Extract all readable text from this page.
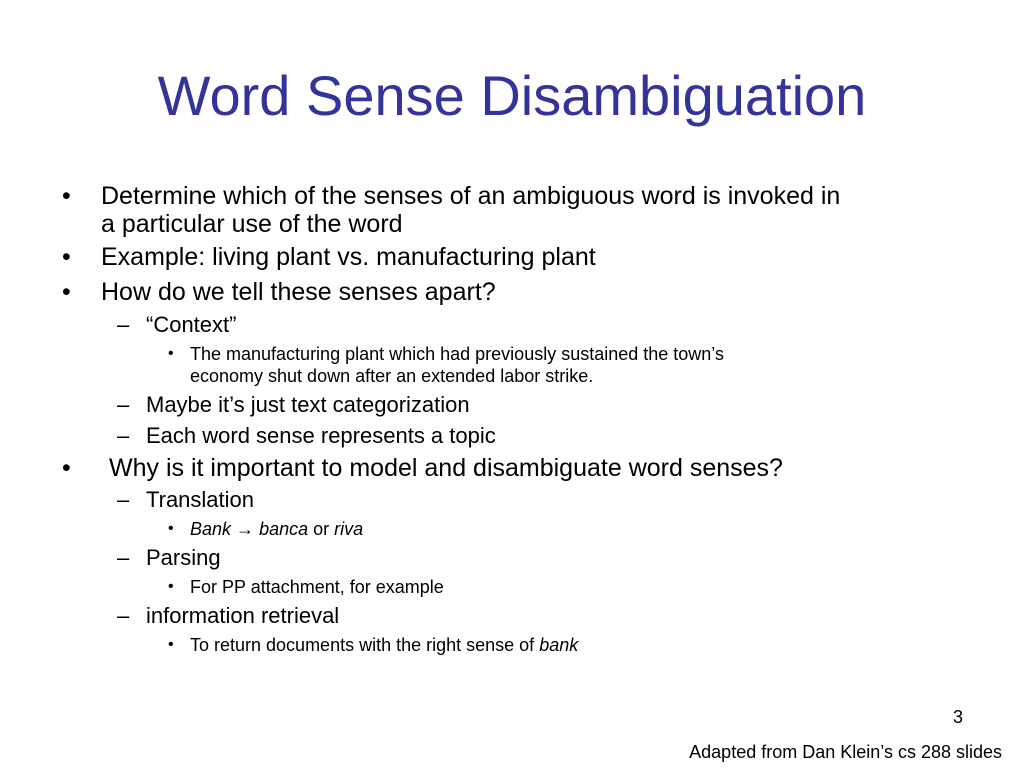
Word Sense Disambiguation
• Determine which of the senses of an ambiguous word is invoked in
a particular use of the word
• Example: living plant vs. manufacturing plant
• How do we tell these senses apart?
– “Context”
• The manufacturing plant which had previously sustained the town’s
economy shut down after an extended labor strike.
– Maybe it’s just text categorization
– Each word sense represents a topic
• Why is it important to model and disambiguate word senses?
– Translation
• Bank → banca or riva
– Parsing
• For PP attachment, for example
– information retrieval
• To return documents with the right sense of bank
3
Adapted from Dan Klein’s cs 288 slides
